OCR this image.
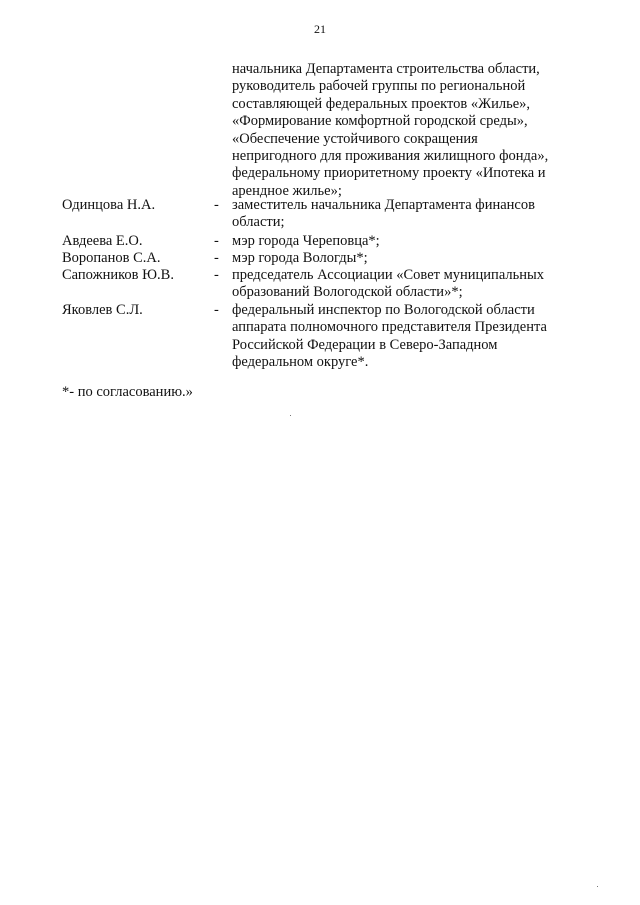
21
начальника Департамента строительства области,
руководитель рабочей группы по региональной
составляющей федеральных проектов «Жилье»,
«Формирование комфортной городской среды»,
«Обеспечение устойчивого сокращения
непригодного для проживания жилищного фонда»,
федеральному приоритетному проекту «Ипотека и
арендное жилье»;
Одинцова Н.А.	- заместитель начальника Департамента финансов
области;
Авдеева Е.О.	- мэр города Череповца*;
Воропанов С.А.	- мэр города Вологды*;
Сапожников Ю.В.	- председатель Ассоциации «Совет муниципальных
образований Вологодской области»*;
Яковлев С.Л.	- федеральный инспектор по Вологодской области
аппарата полномочного представителя Президента
Российской Федерации в Северо-Западном
федеральном округе*.
*- по согласованию.»
